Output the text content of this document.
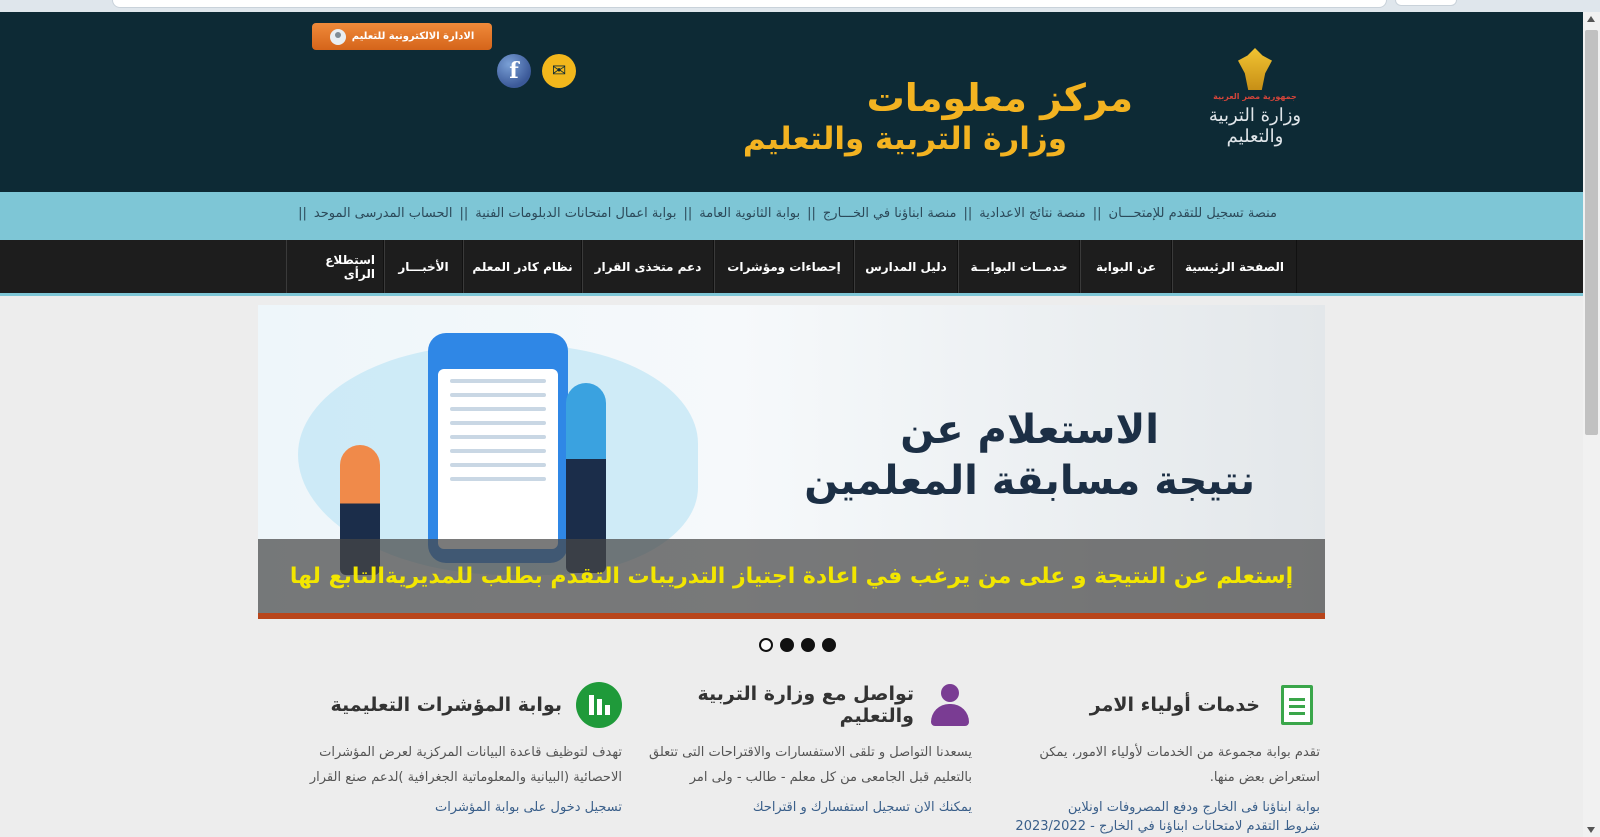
الادارة الالكترونية للتعليم
f	✉
مركز معلومات
وزارة التربية والتعليم
جمهورية مصر العربية
وزارة التربية والتعليم
منصة تسجيل للتقدم للإمتحـــان
||
منصة نتائج الاعدادية
||
منصة ابناؤنا في الخـــارج
||
بوابة الثانوية العامة
||
بوابة اعمال امتحانات الدبلومات الفنية
||
الحساب المدرسى الموحد
||
الصفحة الرئيسية
عن البوابة
خدمــات البوابــة
دليل المدارس
إحصاءات ومؤشرات
دعم متخذى القرار
نظام كادر المعلم
الأخبـــار
استطلاع الرأى
الاستعلام عن
نتيجة مسابقة المعلمين
إستعلم عن النتيجة و على من يرغب في اعادة اجتياز التدريبات التقدم بطلب للمديريةالتابع لها
خدمات أولياء الامر

تقدم بوابة مجموعة من الخدمات لأولياء الامور، يمكن استعراض بعض منها.

بوابة ابناؤنا فى الخارج ودفع المصروفات اونلاين
شروط التقدم لامتحانات ابناؤنا في الخارج - 2023/2022
تواصل مع وزارة التربية والتعليم

يسعدنا التواصل و تلقى الاستفسارات والاقتراحات التى تتعلق بالتعليم قبل الجامعى من كل معلم - طالب - ولى امر

يمكنك الان تسجيل استفسارك و اقتراحك
بوابة المؤشرات التعليمية

تهدف لتوظيف قاعدة البيانات المركزية لعرض المؤشرات الاحصائية (البيانية والمعلوماتية الجغرافية )لدعم صنع القرار

تسجيل دخول على بوابة المؤشرات
